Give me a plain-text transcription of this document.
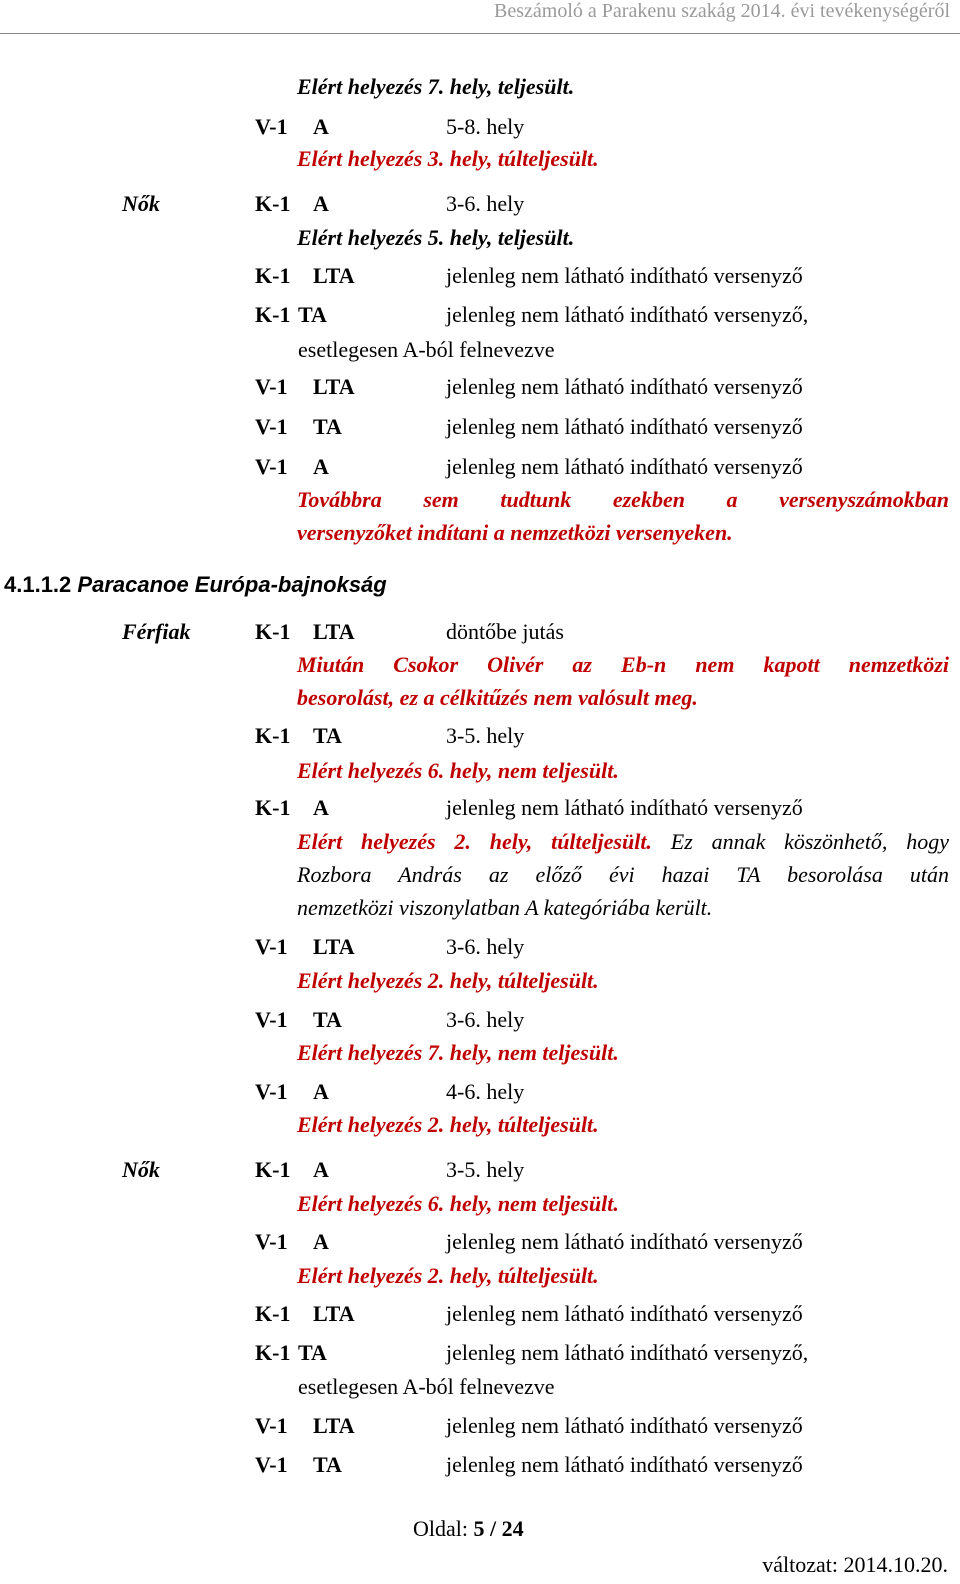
Beszámoló a Parakenu szakág 2014. évi tevékenységéről
Elért helyezés 7. hely, teljesült.
V-1 A	5-8. hely
Elért helyezés 3. hely, túlteljesült.
Nők	K-1 A	3-6. hely
Elért helyezés 5. hely, teljesült.
K-1 LTA	jelenleg nem látható indítható versenyző
K-1 TA	jelenleg nem látható indítható versenyző,
esetlegesen A-ból felnevezve
V-1 LTA	jelenleg nem látható indítható versenyző
V-1 TA	jelenleg nem látható indítható versenyző
V-1 A	jelenleg nem látható indítható versenyző
Továbbra sem tudtunk ezekben a versenyszámokban
versenyzőket indítani a nemzetközi versenyeken.
4.1.1.2 Paracanoe Európa-bajnokság
Férfiak	K-1 LTA	döntőbe jutás
Miután Csokor Olivér az Eb-n nem kapott nemzetközi
besorolást, ez a célkitűzés nem valósult meg.
K-1 TA	3-5. hely
Elért helyezés 6. hely, nem teljesült.
K-1 A	jelenleg nem látható indítható versenyző
Elért helyezés 2. hely, túlteljesült. Ez annak köszönhető, hogy
Rozbora András az előző évi hazai TA besorolása után
nemzetközi viszonylatban A kategóriába került.
V-1 LTA	3-6. hely
Elért helyezés 2. hely, túlteljesült.
V-1 TA	3-6. hely
Elért helyezés 7. hely, nem teljesült.
V-1 A	4-6. hely
Elért helyezés 2. hely, túlteljesült.
Nők	K-1 A	3-5. hely
Elért helyezés 6. hely, nem teljesült.
V-1 A	jelenleg nem látható indítható versenyző
Elért helyezés 2. hely, túlteljesült.
K-1 LTA	jelenleg nem látható indítható versenyző
K-1 TA	jelenleg nem látható indítható versenyző,
esetlegesen A-ból felnevezve
V-1 LTA	jelenleg nem látható indítható versenyző
V-1 TA	jelenleg nem látható indítható versenyző
Oldal: 5 / 24
változat: 2014.10.20.
